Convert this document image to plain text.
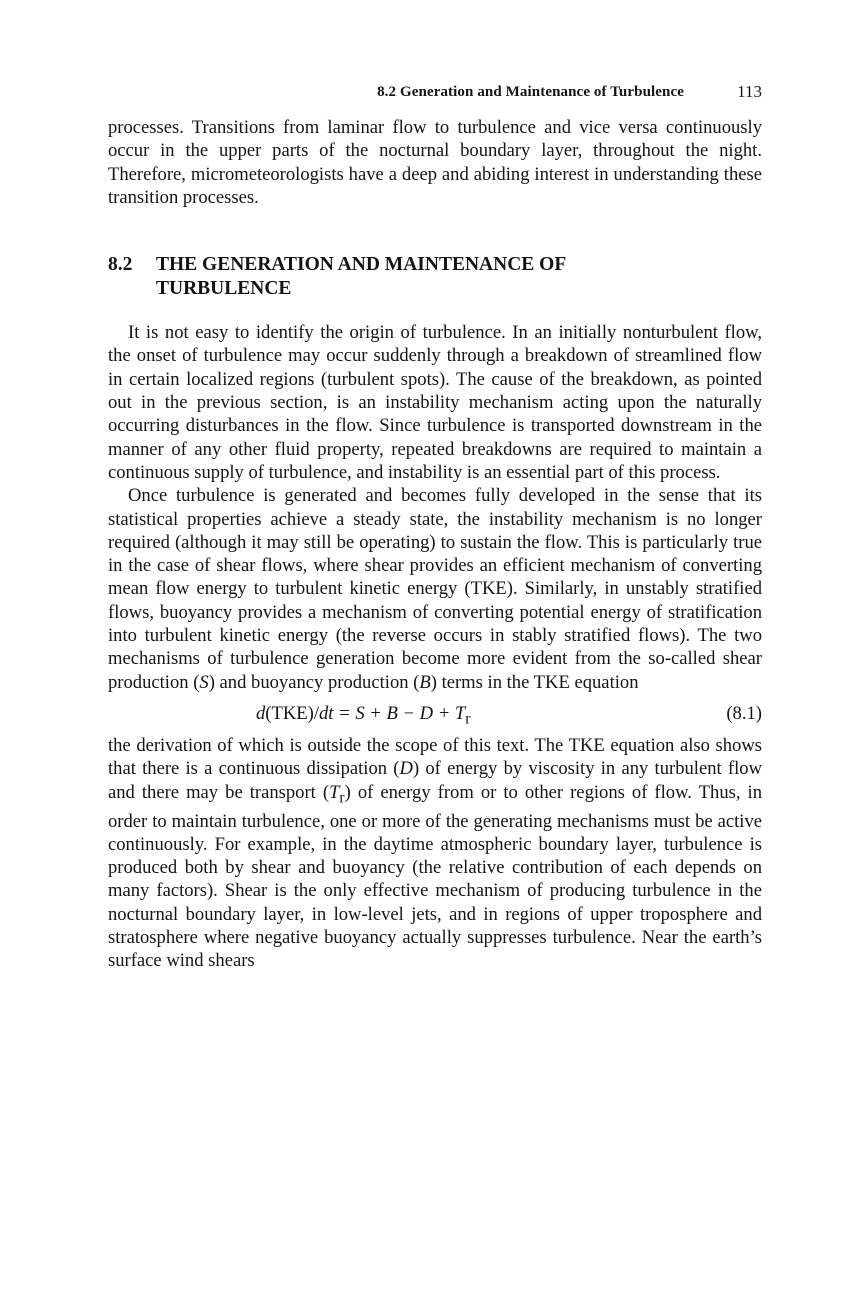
8.2 Generation and Maintenance of Turbulence	113

processes. Transitions from laminar flow to turbulence and vice versa continuously occur in the upper parts of the nocturnal boundary layer, throughout the night. Therefore, micrometeorologists have a deep and abiding interest in understanding these transition processes.

8.2	THE GENERATION AND MAINTENANCE OF TURBULENCE

It is not easy to identify the origin of turbulence. In an initially nonturbulent flow, the onset of turbulence may occur suddenly through a breakdown of streamlined flow in certain localized regions (turbulent spots). The cause of the breakdown, as pointed out in the previous section, is an instability mechanism acting upon the naturally occurring disturbances in the flow. Since turbulence is transported downstream in the manner of any other fluid property, repeated breakdowns are required to maintain a continuous supply of turbulence, and instability is an essential part of this process.

Once turbulence is generated and becomes fully developed in the sense that its statistical properties achieve a steady state, the instability mechanism is no longer required (although it may still be operating) to sustain the flow. This is particularly true in the case of shear flows, where shear provides an efficient mechanism of converting mean flow energy to turbulent kinetic energy (TKE). Similarly, in unstably stratified flows, buoyancy provides a mechanism of converting potential energy of stratification into turbulent kinetic energy (the reverse occurs in stably stratified flows). The two mechanisms of turbulence generation become more evident from the so-called shear production (S) and buoyancy production (B) terms in the TKE equation

$d(TKE)/dt = S + B - D + T_r$	(8.1)

the derivation of which is outside the scope of this text. The TKE equation also shows that there is a continuous dissipation (D) of energy by viscosity in any turbulent flow and there may be transport $(T_r)$ of energy from or to other regions of flow. Thus, in order to maintain turbulence, one or more of the generating mechanisms must be active continuously. For example, in the daytime atmospheric boundary layer, turbulence is produced both by shear and buoyancy (the relative contribution of each depends on many factors). Shear is the only effective mechanism of producing turbulence in the nocturnal boundary layer, in low-level jets, and in regions of upper troposphere and stratosphere where negative buoyancy actually suppresses turbulence. Near the earth’s surface wind shears
